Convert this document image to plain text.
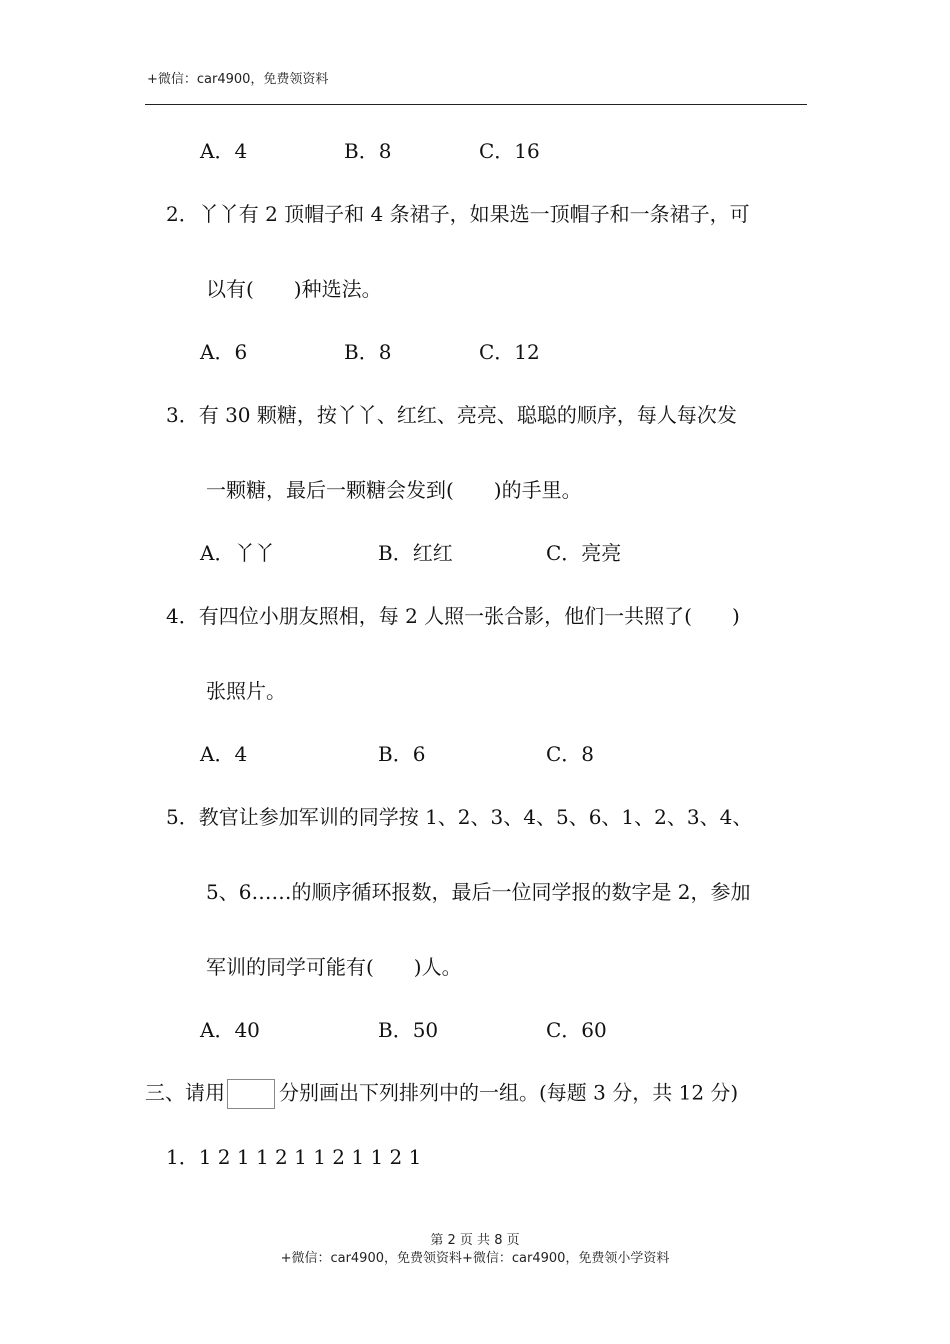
+微信：car4900，免费领资料
A．4	B．8	C．16
2．丫丫有 2 顶帽子和 4 条裙子，如果选一顶帽子和一条裙子，可
以有(　　)种选法。
A．6	B．8	C．12
3．有 30 颗糖，按丫丫、红红、亮亮、聪聪的顺序，每人每次发
一颗糖，最后一颗糖会发到(　　)的手里。
A．丫丫	B．红红	C．亮亮
4．有四位小朋友照相，每 2 人照一张合影，他们一共照了(　　)
张照片。
A．4	B．6	C．8
5．教官让参加军训的同学按 1、2、3、4、5、6、1、2、3、4、
5、6……的顺序循环报数，最后一位同学报的数字是 2，参加
军训的同学可能有(　　)人。
A．40	B．50	C．60
三、请用	分别画出下列排列中的一组。(每题 3 分，共 12 分)
1．1 2 1 1 2 1 1 2 1 1 2 1
第 2 页 共 8 页
+微信：car4900，免费领资料+微信：car4900，免费领小学资料
